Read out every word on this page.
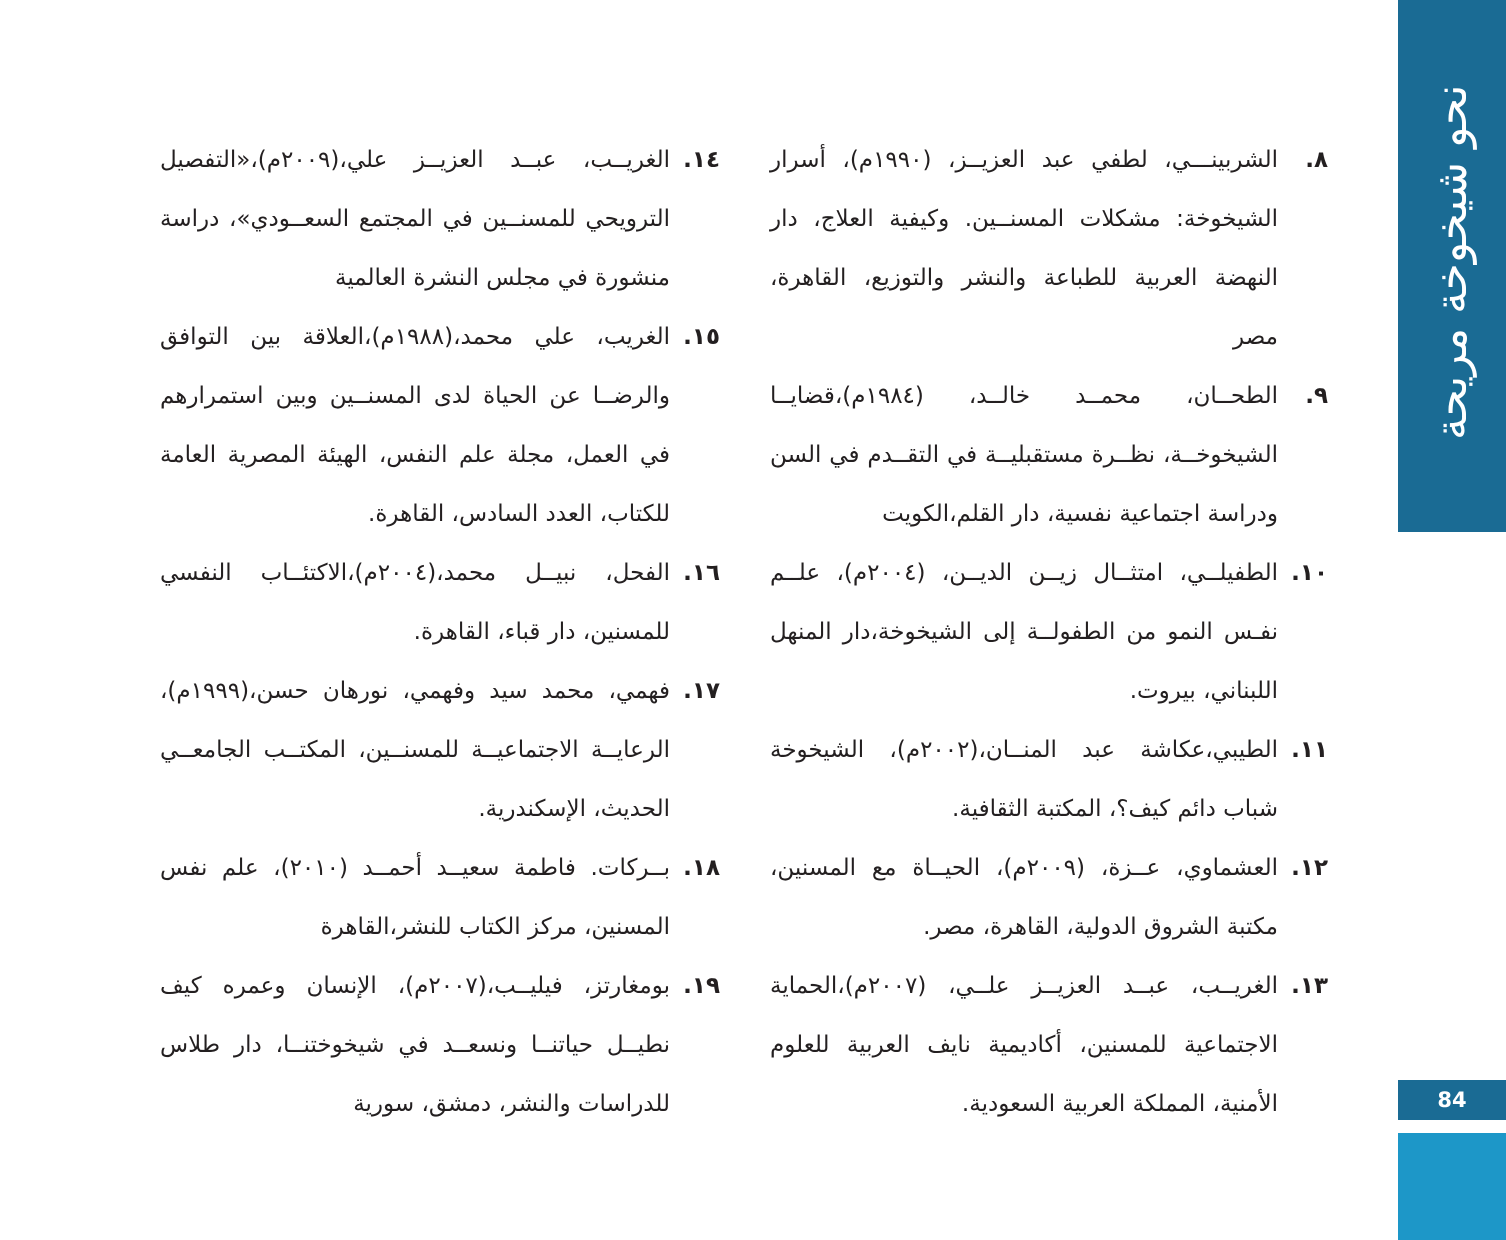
نحو شيخوخة مريحة
84
٨.
الشربينـــي، لطفي عبد العزيــز، (١٩٩٠م)، أسرار الشيخوخة: مشكلات المسنــين. وكيفية العلاج، دار النهضة العربية للطباعة والنشر والتوزيع، القاهرة، مصر
٩.
الطحــان، محمــد خالــد، (١٩٨٤م)،قضايــا الشيخوخــة، نظــرة مستقبليــة في التقــدم في السن ودراسة اجتماعية نفسية، دار القلم،الكويت
١٠.
الطفيلــي، امتثــال زيــن الديــن، (٢٠٠٤م)، علــم نفـس النمو من الطفولــة إلى الشيخوخة،دار المنهل اللبناني، بيروت.
١١.
الطيبي،عكاشة عبد المنــان،(٢٠٠٢م)، الشيخوخة شباب دائم كيف؟، المكتبة الثقافية.
١٢.
العشماوي، عــزة، (٢٠٠٩م)، الحيــاة مع المسنين، مكتبة الشروق الدولية، القاهرة، مصر.
١٣.
الغريــب، عبــد العزيــز علــي، (٢٠٠٧م)،الحماية الاجتماعية للمسنين، أكاديمية نايف العربية للعلوم الأمنية، المملكة العربية السعودية.
١٤.
الغريــب، عبــد العزيــز علي،(٢٠٠٩م)،«التفصيل الترويحي للمسنــين في المجتمع السعــودي»، دراسة منشورة في مجلس النشرة العالمية
١٥.
الغريب، علي محمد،(١٩٨٨م)،العلاقة بين التوافق والرضــا عن الحياة لدى المسنــين وبين استمرارهم في العمل، مجلة علم النفس، الهيئة المصرية العامة للكتاب، العدد السادس، القاهرة.
١٦.
الفحل، نبيــل محمد،(٢٠٠٤م)،الاكتئــاب النفسي للمسنين، دار قباء، القاهرة.
١٧.
فهمي، محمد سيد وفهمي، نورهان حسن،(١٩٩٩م)، الرعايــة الاجتماعيــة للمسنــين، المكتــب الجامعــي الحديث، الإسكندرية.
١٨.
بــركات. فاطمة سعيــد أحمــد (٢٠١٠)، علم نفس المسنين، مركز الكتاب للنشر،القاهرة
١٩.
بومغارتز، فيليــب،(٢٠٠٧م)، الإنسان وعمره كيف نطيــل حياتنــا ونسعــد في شيخوختنــا، دار طلاس للدراسات والنشر، دمشق، سورية
